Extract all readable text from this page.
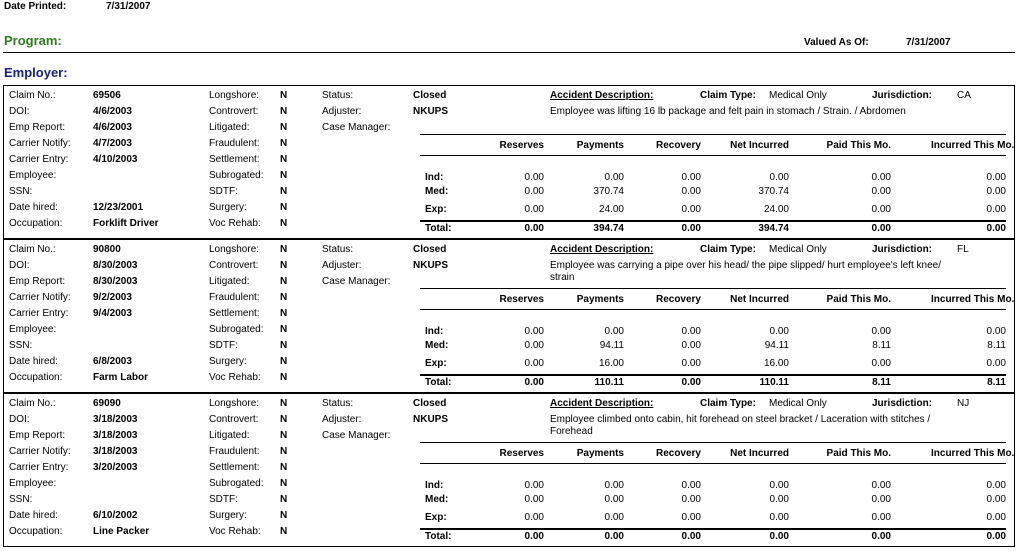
Date Printed:	7/31/2007
Program:	Valued As Of:	7/31/2007
Employer:
Claim No.:	69506
DOI:	4/6/2003
Emp Report:	4/6/2003
Carrier Notify: 4/7/2003
Carrier Entry: 4/10/2003
Employee:
SSN:
Date hired:	12/23/2001
Occupation:	Forklift Driver
Longshore: N
Controvert: N
Litigated:	N
Fraudulent: N
Settlement: N
Subrogated: N
SDTF:	N
Surgery:	N
Voc Rehab: N
Status:	Closed
Adjuster:	NKUPS
Case Manager:
Accident Description:	Claim Type: Medical Only	Jurisdiction: CA
Employee was lifting 16 lb package and felt pain in stomach / Strain. / Abrdomen
Reserves	Payments	Recovery	Net Incurred	Paid This Mo.	Incurred This Mo.
Ind:	0.00	0.00	0.00	0.00	0.00	0.00
Med:	0.00	370.74	0.00	370.74	0.00	0.00
Exp:	0.00	24.00	0.00	24.00	0.00	0.00
Total:	0.00	394.74	0.00	394.74	0.00	0.00
Claim No.:	90800
DOI:	8/30/2003
Emp Report:	8/30/2003
Carrier Notify: 9/2/2003
Carrier Entry: 9/4/2003
Employee:
SSN:
Date hired:	6/8/2003
Occupation:	Farm Labor
Longshore: N
Controvert: N
Litigated:	N
Fraudulent: N
Settlement: N
Subrogated: N
SDTF:	N
Surgery:	N
Voc Rehab: N
Status:	Closed
Adjuster:	NKUPS
Case Manager:
Accident Description:	Claim Type: Medical Only	Jurisdiction: FL
Employee was carrying a pipe over his head/ the pipe slipped/ hurt employee's left knee/
strain
Reserves	Payments	Recovery	Net Incurred	Paid This Mo.	Incurred This Mo.
Ind:	0.00	0.00	0.00	0.00	0.00	0.00
Med:	0.00	94.11	0.00	94.11	8.11	8.11
Exp:	0.00	16.00	0.00	16.00	0.00	0.00
Total:	0.00	110.11	0.00	110.11	8.11	8.11
Claim No.:	69090
DOI:	3/18/2003
Emp Report:	3/18/2003
Carrier Notify: 3/18/2003
Carrier Entry: 3/20/2003
Employee:
SSN:
Date hired:	6/10/2002
Occupation:	Line Packer
Longshore: N
Controvert: N
Litigated:	N
Fraudulent: N
Settlement: N
Subrogated: N
SDTF:	N
Surgery:	N
Voc Rehab: N
Status:	Closed
Adjuster:	NKUPS
Case Manager:
Accident Description:	Claim Type: Medical Only	Jurisdiction: NJ
Employee climbed onto cabin, hit forehead on steel bracket / Laceration with stitches /
Forehead
Reserves	Payments	Recovery	Net Incurred	Paid This Mo.	Incurred This Mo.
Ind:	0.00	0.00	0.00	0.00	0.00	0.00
Med:	0.00	0.00	0.00	0.00	0.00	0.00
Exp:	0.00	0.00	0.00	0.00	0.00	0.00
Total:	0.00	0.00	0.00	0.00	0.00	0.00
